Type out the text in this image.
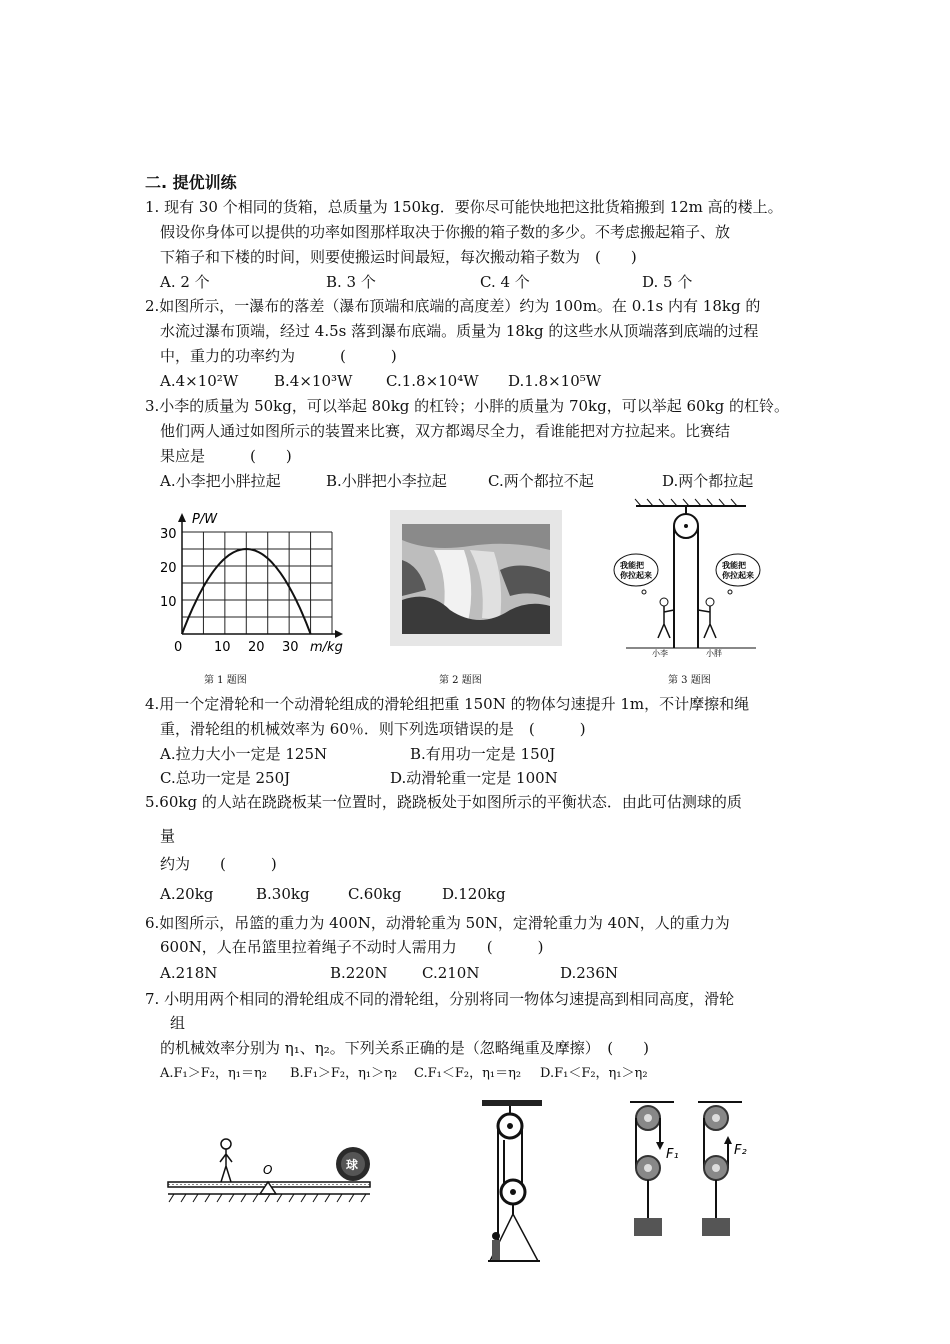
二. 提优训练
1. 现有 30 个相同的货箱，总质量为 150kg．要你尽可能快地把这批货箱搬到 12m 高的楼上。
假设你身体可以提供的功率如图那样取决于你搬的箱子数的多少。不考虑搬起箱子、放
下箱子和下楼的时间，则要使搬运时间最短，每次搬动箱子数为　(　　)
A. 2 个	B. 3 个	C. 4 个	D. 5 个
2.如图所示，一瀑布的落差（瀑布顶端和底端的高度差）约为 100m。在 0.1s 内有 18kg 的
水流过瀑布顶端，经过 4.5s 落到瀑布底端。质量为 18kg 的这些水从顶端落到底端的过程
中，重力的功率约为　　　(　　　)
A.4×10²W B.4×10³W C.1.8×10⁴W D.1.8×10⁵W
3.小李的质量为 50kg，可以举起 80kg 的杠铃；小胖的质量为 70kg，可以举起 60kg 的杠铃。
他们两人通过如图所示的装置来比赛，双方都竭尽全力，看谁能把对方拉起来。比赛结
果应是　　　(　　)
A.小李把小胖拉起	B.小胖把小李拉起	C.两个都拉不起	D.两个都拉起
P/W
m/kg
30
20
10
0 10 20 30
第 1 题图	第 2 题图
我能把
你拉起来
我能把
你拉起来
小李	小胖
第 3 题图
4.用一个定滑轮和一个动滑轮组成的滑轮组把重 150N 的物体匀速提升 1m，不计摩擦和绳
重，滑轮组的机械效率为 60％．则下列选项错误的是　(　　　)
A.拉力大小一定是 125N	B.有用功一定是 150J
C.总功一定是 250J	D.动滑轮重一定是 100N
5.60kg 的人站在跷跷板某一位置时，跷跷板处于如图所示的平衡状态．由此可估测球的质
量
约为　　(　　　)
A.20kg	B.30kg	C.60kg	D.120kg
6.如图所示，吊篮的重力为 400N，动滑轮重为 50N，定滑轮重力为 40N，人的重力为
600N，人在吊篮里拉着绳子不动时人需用力　　(　　　)
A.218N	B.220N C.210N	D.236N
7. 小明用两个相同的滑轮组成不同的滑轮组，分别将同一物体匀速提高到相同高度，滑轮
组
的机械效率分别为 η₁、η₂。下列关系正确的是（忽略绳重及摩擦）　(　　)
A.F₁＞F₂，η₁＝η₂ B.F₁＞F₂，η₁＞η₂ C.F₁＜F₂，η₁＝η₂ D.F₁＜F₂，η₁＞η₂
O	球
F₁	F₂
